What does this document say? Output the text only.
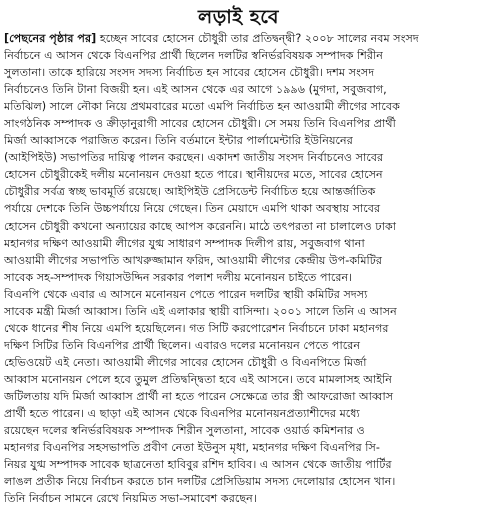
লড়াই হবে
[পেছনের পৃষ্ঠার পর] হচ্ছেন সাবের হোসেন চৌধুরী তার প্রতিদ্বন্দ্বী? ২০০৮ সালের নবম সংসদ
নির্বাচনে এ আসন থেকে বিএনপির প্রার্থী ছিলেন দলটির স্বনির্ভরবিষয়ক সম্পাদক শিরীন
সুলতানা। তাকে হারিয়ে সংসদ সদস্য নির্বাচিত হন সাবের হোসেন চৌধুরী। দশম সংসদ
নির্বাচনেও তিনি টানা বিজয়ী হন। এই আসন থেকে এর আগে ১৯৯৬ (মুগদা, সবুজবাগ,
মতিঝিল) সালে নৌকা নিয়ে প্রথমবারের মতো এমপি নির্বাচিত হন আওয়ামী লীগের সাবেক
সাংগঠনিক সম্পাদক ও ক্রীড়ানুরাগী সাবের হোসেন চৌধুরী। সে সময় তিনি বিএনপির প্রার্থী
মির্জা আব্বাসকে পরাজিত করেন। তিনি বর্তমানে ইন্টার পার্লামেন্টারি ইউনিয়নের
(আইপিইউ) সভাপতির দায়িত্ব পালন করছেন। একাদশ জাতীয় সংসদ নির্বাচনেও সাবের
হোসেন চৌধুরীকেই দলীয় মনোনয়ন দেওয়া হতে পারে। স্থানীয়দের মতে, সাবের হোসেন
চৌধুরীর সর্বত্র স্বচ্ছ ভাবমূর্তি রয়েছে। আইপিইউ প্রেসিডেন্ট নির্বাচিত হয়ে আন্তর্জাতিক
পর্যায়ে দেশকে তিনি উচ্চপর্যায়ে নিয়ে গেছেন। তিন মেয়াদে এমপি থাকা অবস্থায় সাবের
হোসেন চৌধুরী কখনো অন্যায়ের কাছে আপস করেননি। মাঠে তৎপরতা না চালালেও ঢাকা
মহানগর দক্ষিণ আওয়ামী লীগের যুগ্ম সাধারণ সম্পাদক দিলীপ রায়, সবুজবাগ থানা
আওয়ামী লীগের সভাপতি আখরুজ্জামান ফরিদ, আওয়ামী লীগের কেন্দ্রীয় উপ-কমিটির
সাবেক সহ-সম্পাদক গিয়াসউদ্দিন সরকার পলাশ দলীয় মনোনয়ন চাইতে পারেন।
বিএনপি থেকে এবার এ আসনে মনোনয়ন পেতে পারেন দলটির স্থায়ী কমিটির সদস্য
সাবেক মন্ত্রী মির্জা আব্বাস। তিনি এই এলাকার স্থায়ী বাসিন্দা। ২০০১ সালে তিনি এ আসন
থেকে ধানের শীষ নিয়ে এমপি হয়েছিলেন। গত সিটি করপোরেশন নির্বাচনে ঢাকা মহানগর
দক্ষিণ সিটির তিনি বিএনপির প্রার্থী ছিলেন। এবারও দলের মনোনয়ন পেতে পারেন
হেভিওয়েট এই নেতা। আওয়ামী লীগের সাবের হোসেন চৌধুরী ও বিএনপিতে মির্জা
আব্বাস মনোনয়ন পেলে হবে তুমুল প্রতিদ্বন্দ্বিতা হবে এই আসনে। তবে মামলাসহ আইনি
জটিলতায় যদি মির্জা আব্বাস প্রার্থী না হতে পারেন সেক্ষেত্রে তার স্ত্রী আফরোজা আব্বাস
প্রার্থী হতে পারেন। এ ছাড়া এই আসন থেকে বিএনপির মনোনয়নপ্রত্যাশীদের মধ্যে
রয়েছেন দলের স্বনির্ভরবিষয়ক সম্পাদক শিরীন সুলতানা, সাবেক ওয়ার্ড কমিশনার ও
মহানগর বিএনপির সহসভাপতি প্রবীণ নেতা ইউনুস মৃধা, মহানগর দক্ষিণ বিএনপির সি-
নিয়র যুগ্ম সম্পাদক সাবেক ছাত্রনেতা হাবিবুর রশিদ হাবিব। এ আসন থেকে জাতীয় পার্টির
লাঙল প্রতীক নিয়ে নির্বাচন করতে চান দলটির প্রেসিডিয়াম সদস্য দেলোয়ার হোসেন খান।
তিনি নির্বাচন সামনে রেখে নিয়মিত সভা-সমাবেশ করছেন।
